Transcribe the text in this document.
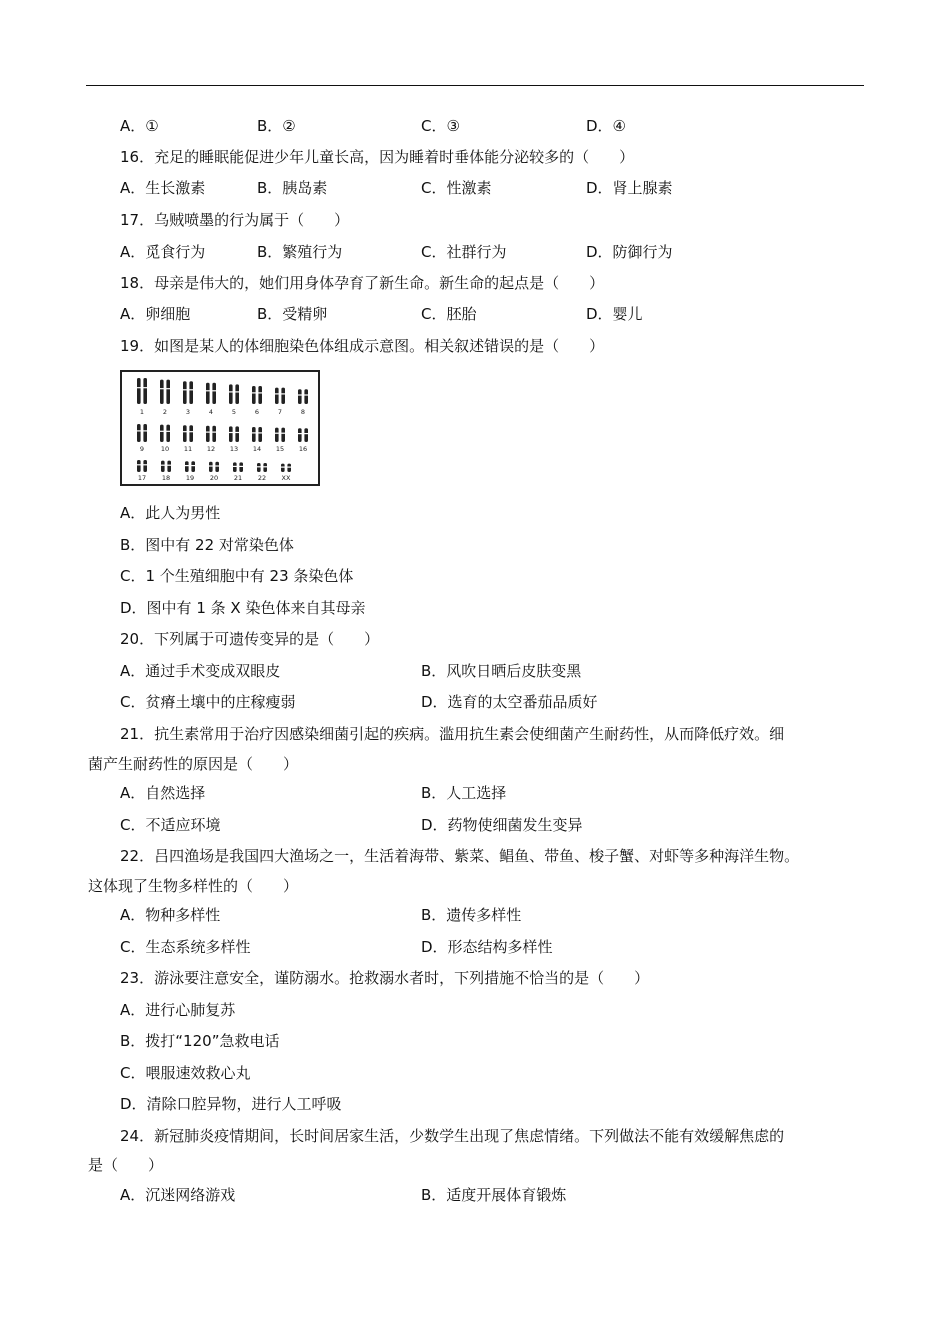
A．①	B．②	C．③	D．④
16．充足的睡眠能促进少年儿童长高，因为睡着时垂体能分泌较多的（　　）
A．生长激素	B．胰岛素	C．性激素	D．肾上腺素
17．乌贼喷墨的行为属于（　　）
A．觅食行为	B．繁殖行为	C．社群行为	D．防御行为
18．母亲是伟大的，她们用身体孕育了新生命。新生命的起点是（　　）
A．卵细胞	B．受精卵	C．胚胎	D．婴儿
19．如图是某人的体细胞染色体组成示意图。相关叙述错误的是（　　）
1	2	3	4	5	6	7	8
9	10 11 12 13 14 15 16
17 18 19 20 21 22 XX
A．此人为男性
B．图中有 22 对常染色体
C．1 个生殖细胞中有 23 条染色体
D．图中有 1 条 X 染色体来自其母亲
20．下列属于可遗传变异的是（　　）
A．通过手术变成双眼皮	B．风吹日晒后皮肤变黑
C．贫瘠土壤中的庄稼瘦弱	D．选育的太空番茄品质好
21．抗生素常用于治疗因感染细菌引起的疾病。滥用抗生素会使细菌产生耐药性，从而降低疗效。细
菌产生耐药性的原因是（　　）
A．自然选择	B．人工选择
C．不适应环境	D．药物使细菌发生变异
22．吕四渔场是我国四大渔场之一，生活着海带、紫菜、鲳鱼、带鱼、梭子蟹、对虾等多种海洋生物。
这体现了生物多样性的（　　）
A．物种多样性	B．遗传多样性
C．生态系统多样性	D．形态结构多样性
23．游泳要注意安全，谨防溺水。抢救溺水者时，下列措施不恰当的是（　　）
A．进行心肺复苏
B．拨打“120”急救电话
C．喂服速效救心丸
D．清除口腔异物，进行人工呼吸
24．新冠肺炎疫情期间，长时间居家生活，少数学生出现了焦虑情绪。下列做法不能有效缓解焦虑的
是（　　）
A．沉迷网络游戏	B．适度开展体育锻炼
